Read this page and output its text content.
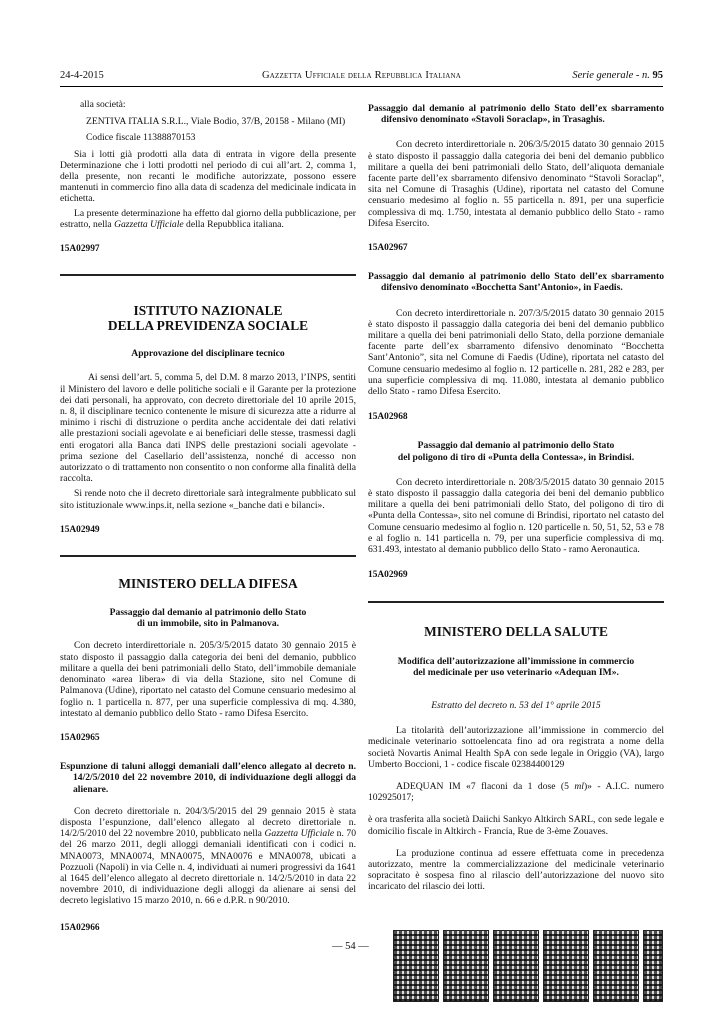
24-4-2015	Gazzetta Ufficiale della Repubblica Italiana	Serie generale - n. 95

alla società:

ZENTIVA ITALIA S.R.L., Viale Bodio, 37/B, 20158 - Milano (MI)

Codice fiscale 11388870153

Sia i lotti già prodotti alla data di entrata in vigore della presente Determinazione che i lotti prodotti nel periodo di cui all’art. 2, comma 1, della presente, non recanti le modifiche autorizzate, possono essere mantenuti in commercio fino alla data di scadenza del medicinale indicata in etichetta.

La presente determinazione ha effetto dal giorno della pubblicazione, per estratto, nella Gazzetta Ufficiale della Repubblica italiana.

15A02997

ISTITUTO NAZIONALE
DELLA PREVIDENZA SOCIALE

Approvazione del disciplinare tecnico

Ai sensi dell’art. 5, comma 5, del D.M. 8 marzo 2013, l’INPS, sentiti il Ministero del lavoro e delle politiche sociali e il Garante per la protezione dei dati personali, ha approvato, con decreto direttoriale del 10 aprile 2015, n. 8, il disciplinare tecnico contenente le misure di sicurezza atte a ridurre al minimo i rischi di distruzione o perdita anche accidentale dei dati relativi alle prestazioni sociali agevolate e ai beneficiari delle stesse, trasmessi dagli enti erogatori alla Banca dati INPS delle prestazioni sociali agevolate - prima sezione del Casellario dell’assistenza, nonché di accesso non autorizzato o di trattamento non consentito o non conforme alla finalità della raccolta.

Si rende noto che il decreto direttoriale sarà integralmente pubblicato sul sito istituzionale www.inps.it, nella sezione «_banche dati e bilanci».

15A02949

MINISTERO DELLA DIFESA

Passaggio dal demanio al patrimonio dello Stato
di un immobile, sito in Palmanova.

Con decreto interdirettoriale n. 205/3/5/2015 datato 30 gennaio 2015 è stato disposto il passaggio dalla categoria dei beni del demanio, pubblico militare a quella dei beni patrimoniali dello Stato, dell’immobile demaniale denominato «area libera» di via della Stazione, sito nel Comune di Palmanova (Udine), riportato nel catasto del Comune censuario medesimo al foglio n. 1 particella n. 877, per una superficie complessiva di mq. 4.380, intestato al demanio pubblico dello Stato - ramo Difesa Esercito.

15A02965

Espunzione di taluni alloggi demaniali dall’elenco allegato al decreto n. 14/2/5/2010 del 22 novembre 2010, di individuazione degli alloggi da alienare.

Con decreto direttoriale n. 204/3/5/2015 del 29 gennaio 2015 è stata disposta l’espunzione, dall’elenco allegato al decreto direttoriale n. 14/2/5/2010 del 22 novembre 2010, pubblicato nella Gazzetta Ufficiale n. 70 del 26 marzo 2011, degli alloggi demaniali identificati con i codici n. MNA0073, MNA0074, MNA0075, MNA0076 e MNA0078, ubicati a Pozzuoli (Napoli) in via Celle n. 4, individuati ai numeri progressivi da 1641 al 1645 dell’elenco allegato al decreto direttoriale n. 14/2/5/2010 in data 22 novembre 2010, di individuazione degli alloggi da alienare ai sensi del decreto legislativo 15 marzo 2010, n. 66 e d.P.R. n 90/2010.

15A02966

Passaggio dal demanio al patrimonio dello Stato dell’ex sbarramento difensivo denominato «Stavoli Soraclap», in Trasaghis.

Con decreto interdirettoriale n. 206/3/5/2015 datato 30 gennaio 2015 è stato disposto il passaggio dalla categoria dei beni del demanio pubblico militare a quella dei beni patrimoniali dello Stato, dell’aliquota demaniale facente parte dell’ex sbarramento difensivo denominato “Stavoli Soraclap”, sita nel Comune di Trasaghis (Udine), riportata nel catasto del Comune censuario medesimo al foglio n. 55 particella n. 891, per una superficie complessiva di mq. 1.750, intestata al demanio pubblico dello Stato - ramo Difesa Esercito.

15A02967

Passaggio dal demanio al patrimonio dello Stato dell’ex sbarramento difensivo denominato «Bocchetta Sant’Antonio», in Faedis.

Con decreto interdirettoriale n. 207/3/5/2015 datato 30 gennaio 2015 è stato disposto il passaggio dalla categoria dei beni del demanio pubblico militare a quella dei beni patrimoniali dello Stato, della porzione demaniale facente parte dell’ex sbarramento difensivo denominato “Bocchetta Sant’Antonio”, sita nel Comune di Faedis (Udine), riportata nel catasto del Comune censuario medesimo al foglio n. 12 particelle n. 281, 282 e 283, per una superficie complessiva di mq. 11.080, intestata al demanio pubblico dello Stato - ramo Difesa Esercito.

15A02968

Passaggio dal demanio al patrimonio dello Stato
del poligono di tiro di «Punta della Contessa», in Brindisi.

Con decreto interdirettoriale n. 208/3/5/2015 datato 30 gennaio 2015 è stato disposto il passaggio dalla categoria dei beni del demanio pubblico militare a quella dei beni patrimoniali dello Stato, del poligono di tiro di «Punta della Contessa», sito nel comune di Brindisi, riportato nel catasto del Comune censuario medesimo al foglio n. 120 particelle n. 50, 51, 52, 53 e 78 e al foglio n. 141 particella n. 79, per una superficie complessiva di mq. 631.493, intestato al demanio pubblico dello Stato - ramo Aeronautica.

15A02969

MINISTERO DELLA SALUTE

Modifica dell’autorizzazione all’immissione in commercio
del medicinale per uso veterinario «Adequan IM».

Estratto del decreto n. 53 del 1° aprile 2015

La titolarità dell’autorizzazione all’immissione in commercio del medicinale veterinario sottoelencata fino ad ora registrata a nome della società Novartis Animal Health SpA con sede legale in Origgio (VA), largo Umberto Boccioni, 1 - codice fiscale 02384400129

ADEQUAN IM «7 flaconi da 1 dose (5 ml)» - A.I.C. numero 102925017;

è ora trasferita alla società Daiichi Sankyo Altkirch SARL, con sede legale e domicilio fiscale in Altkirch - Francia, Rue de 3-ème Zouaves.

La produzione continua ad essere effettuata come in precedenza autorizzato, mentre la commercializzazione del medicinale veterinario sopracitato è sospesa fino al rilascio dell’autorizzazione del nuovo sito incaricato del rilascio dei lotti.

— 54 —
